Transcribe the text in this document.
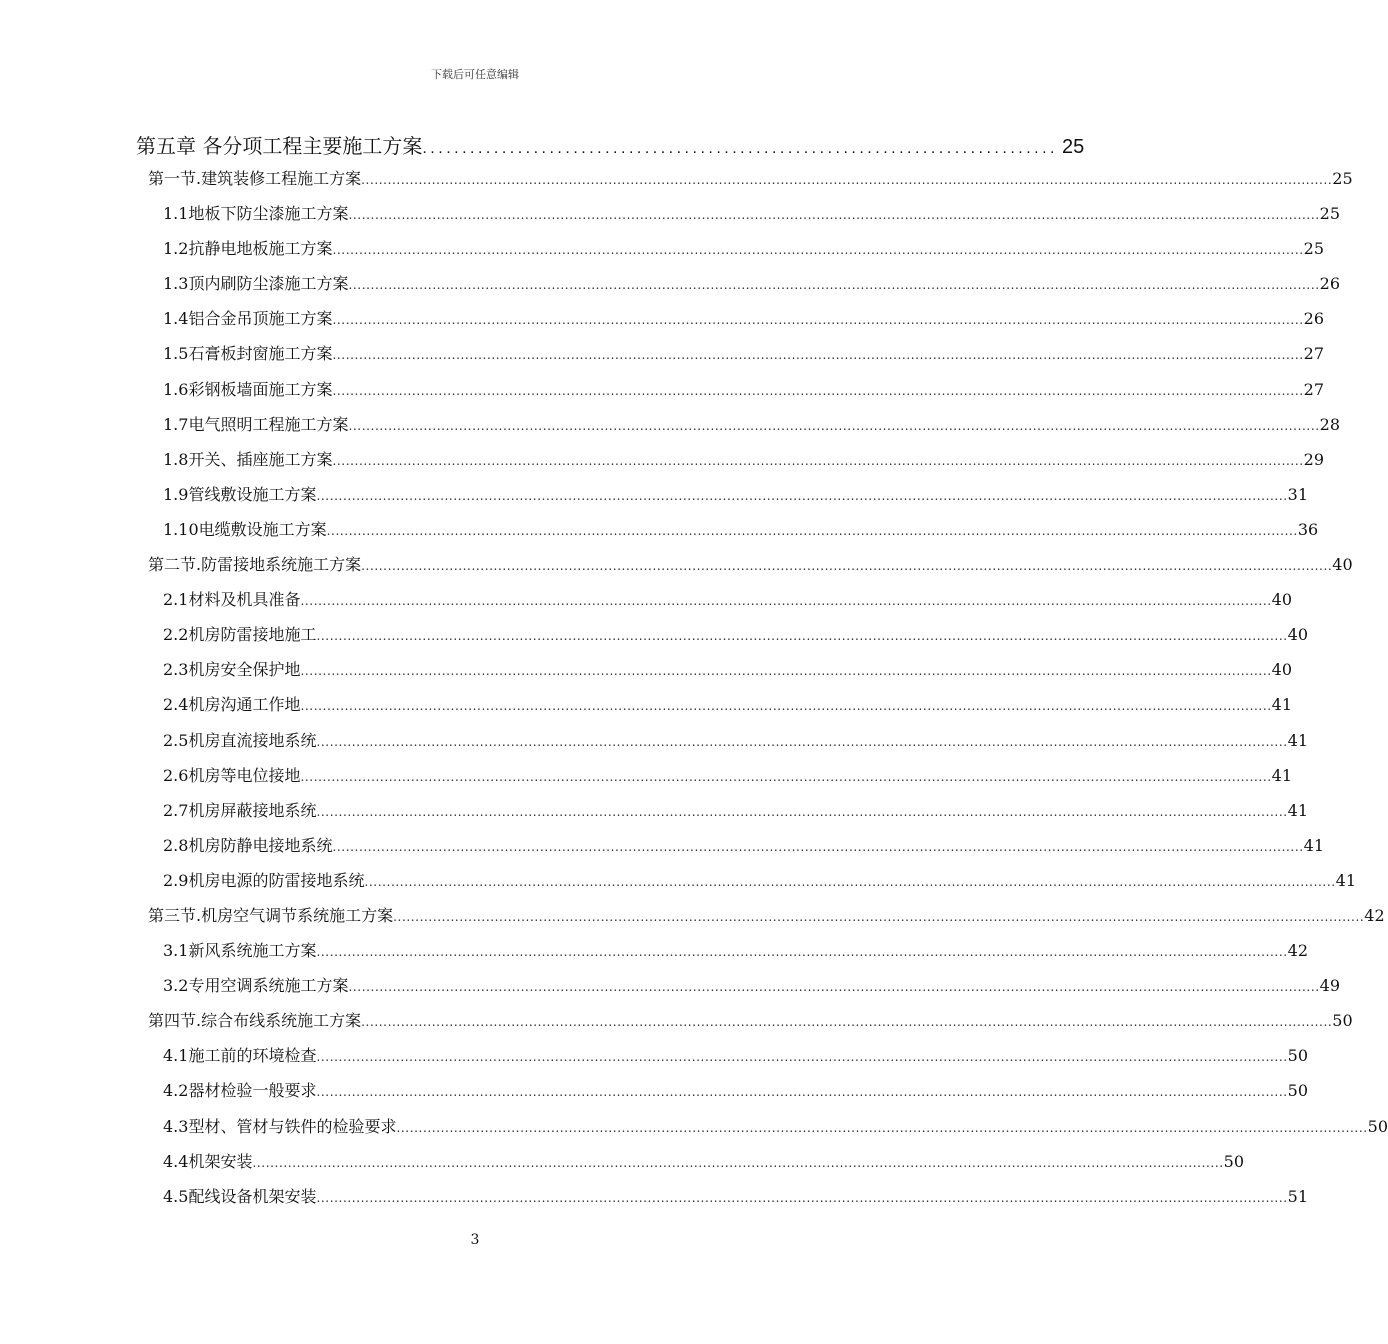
下载后可任意编辑
第五章 各分项工程主要施工方案 ................................................................................ 25
第一节. 建筑装修工程施工方案 ............................................................................................................................................................................................................................ 25
1.1 地板下防尘漆施工方案 ............................................................................................................................................................................................................................ 25
1.2 抗静电地板施工方案 ............................................................................................................................................................................................................................ 25
1.3 顶内刷防尘漆施工方案 ............................................................................................................................................................................................................................ 26
1.4 铝合金吊顶施工方案 ............................................................................................................................................................................................................................ 26
1.5 石膏板封窗施工方案 ............................................................................................................................................................................................................................ 27
1.6 彩钢板墙面施工方案 ............................................................................................................................................................................................................................ 27
1.7 电气照明工程施工方案 ............................................................................................................................................................................................................................ 28
1.8 开关、插座施工方案 ............................................................................................................................................................................................................................ 29
1.9 管线敷设施工方案 ............................................................................................................................................................................................................................ 31
1.10 电缆敷设施工方案 ............................................................................................................................................................................................................................ 36
第二节. 防雷接地系统施工方案 ............................................................................................................................................................................................................................ 40
2.1 材料及机具准备 ............................................................................................................................................................................................................................ 40
2.2 机房防雷接地施工 ............................................................................................................................................................................................................................ 40
2.3 机房安全保护地 ............................................................................................................................................................................................................................ 40
2.4 机房沟通工作地 ............................................................................................................................................................................................................................ 41
2.5 机房直流接地系统 ............................................................................................................................................................................................................................ 41
2.6 机房等电位接地 ............................................................................................................................................................................................................................ 41
2.7 机房屏蔽接地系统 ............................................................................................................................................................................................................................ 41
2.8 机房防静电接地系统 ............................................................................................................................................................................................................................ 41
2.9 机房电源的防雷接地系统 ............................................................................................................................................................................................................................ 41
第三节. 机房空气调节系统施工方案 ............................................................................................................................................................................................................................ 42
3.1 新风系统施工方案 ............................................................................................................................................................................................................................ 42
3.2 专用空调系统施工方案 ............................................................................................................................................................................................................................ 49
第四节. 综合布线系统施工方案 ............................................................................................................................................................................................................................ 50
4.1 施工前的环境检查 ............................................................................................................................................................................................................................ 50
4.2 器材检验一般要求 ............................................................................................................................................................................................................................ 50
4.3 型材、管材与铁件的检验要求 ............................................................................................................................................................................................................................ 50
4.4 机架安装 ............................................................................................................................................................................................................................ 50
4.5 配线设备机架安装 ............................................................................................................................................................................................................................ 51
3
